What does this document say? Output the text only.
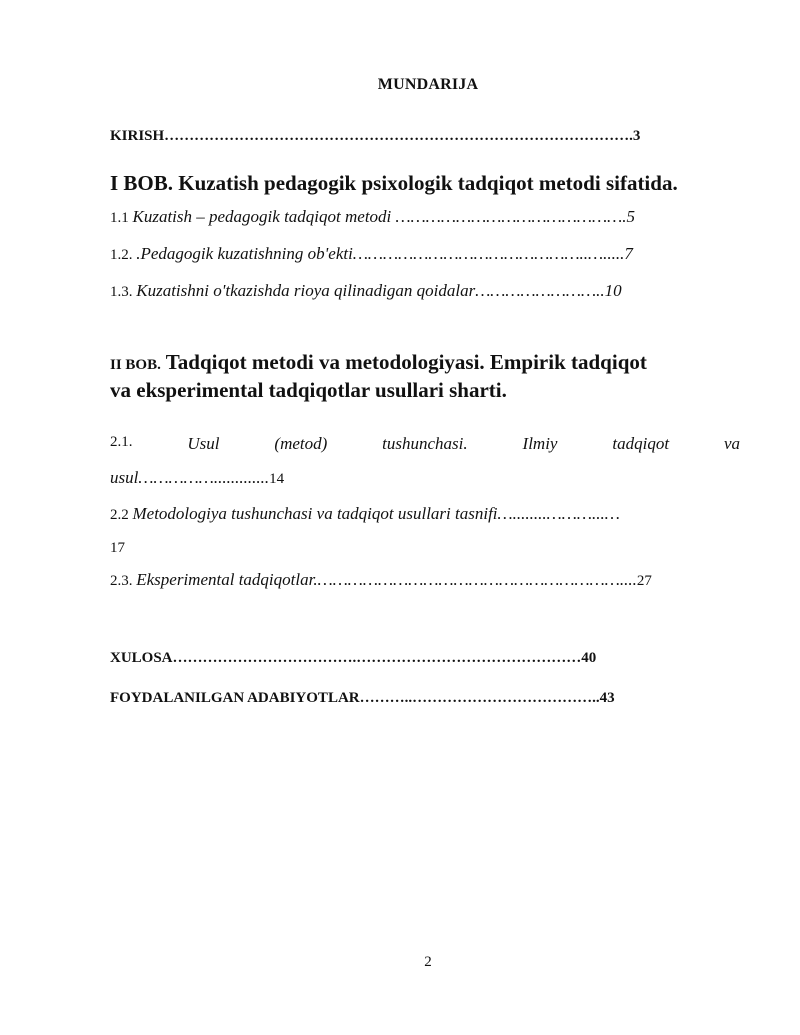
MUNDARIJA
KIRISH………………………………………………………………………………….3
I BOB. Kuzatish pedagogik psixologik tadqiqot metodi sifatida.
1.1 Kuzatish – pedagogik tadqiqot metodi ……………………………………….5
1.2. .Pedagogik kuzatishning ob'ekti………………………………………..….....7
1.3. Kuzatishni o'tkazishda rioya qilinadigan qoidalar……………………..10
II BOB. Tadqiqot metodi va metodologiyasi. Empirik tadqiqot
va eksperimental tadqiqotlar usullari sharti.
2.1.	Usul	(metod)	tushunchasi.	Ilmiy	tadqiqot	va
usul…………….............14
2.2 Metodologiya tushunchasi va tadqiqot usullari tasnifi…........………...…
17
2.3. Eksperimental tadqiqotlar.……………………………………………………....27
XULOSA……………………………….………………………………………40
FOYDALANILGAN ADABIYOTLAR………..………………………………..43
2
